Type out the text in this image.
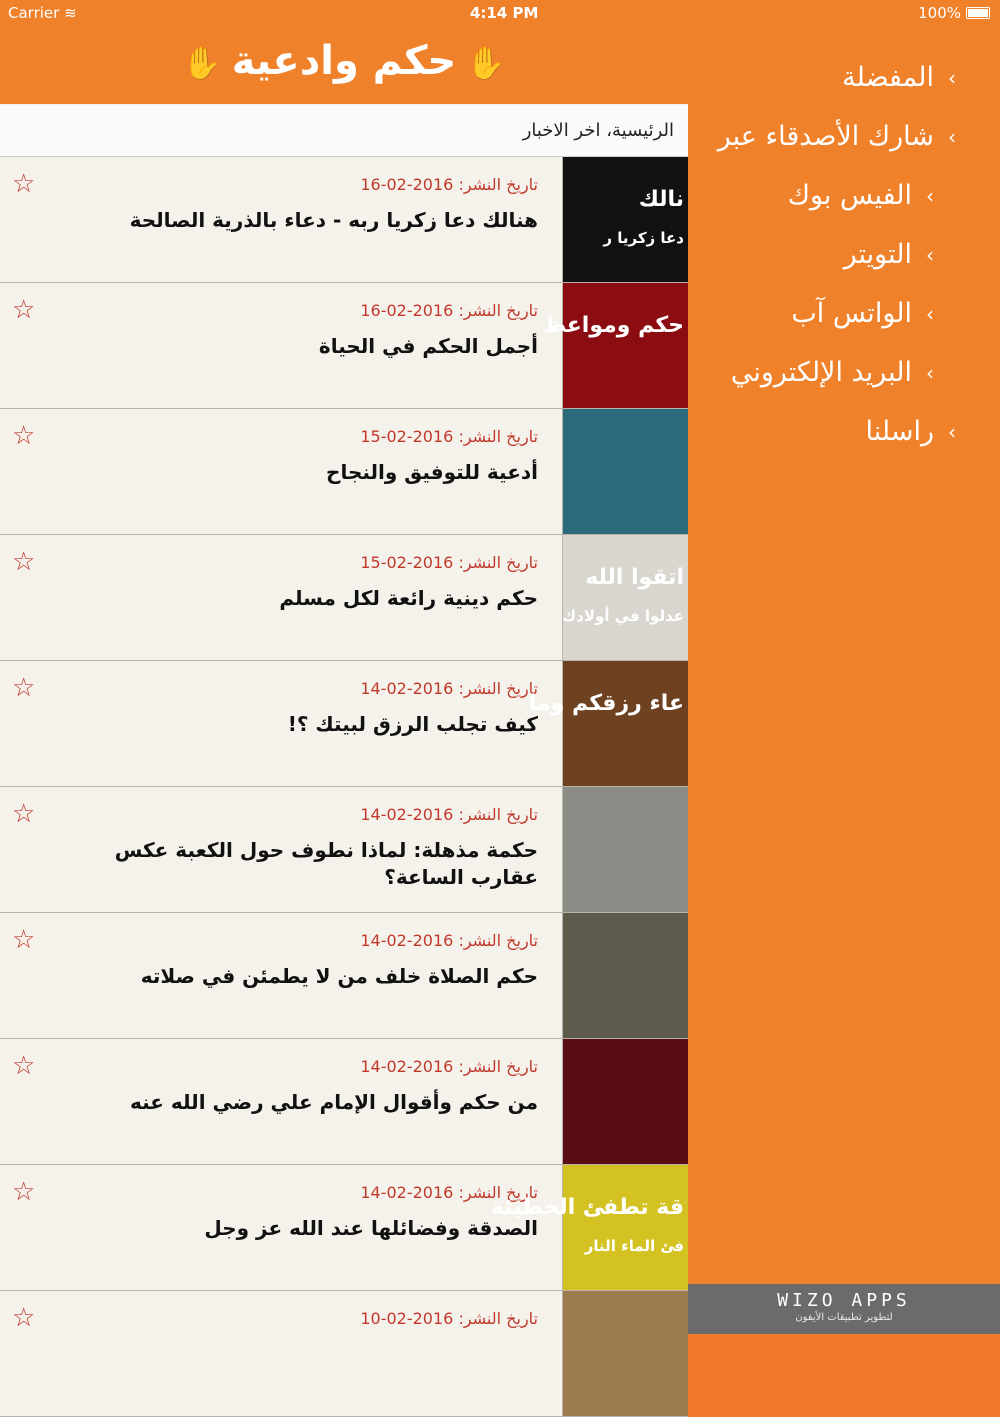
✋حكم وادعية✋
الرئيسية، اخر الاخبار
☆	تاريخ النشر: 2016-02-16
هنالك دعا زكريا ربه - دعاء بالذرية الصالحة
نالك
دعا زكريا ر
☆	تاريخ النشر: 2016-02-16
أجمل الحكم في الحياة
حكم ومواعظ
☆	تاريخ النشر: 2016-02-15
أدعية للتوفيق والنجاح
☆	تاريخ النشر: 2016-02-15
حكم دينية رائعة لكل مسلم
اتقوا الله
عدلوا في أولادك
☆	تاريخ النشر: 2016-02-14
كيف تجلب الرزق لبيتك ؟!
عاء رزقكم وما
☆	تاريخ النشر: 2016-02-14
حكمة مذهلة: لماذا نطوف حول الكعبة عكس عقارب الساعة؟
☆	تاريخ النشر: 2016-02-14
حكم الصلاة خلف من لا يطمئن في صلاته
☆	تاريخ النشر: 2016-02-14
من حكم وأقوال الإمام علي رضي الله عنه
☆	تاريخ النشر: 2016-02-14
الصدقة وفضائلها عند الله عز وجل
قة تطفئ الخطيئة
فئ الماء النار
☆	تاريخ النشر: 2016-02-10
Carrier ≋	4:14 PM	100%
المفضلة ‹
شارك الأصدقاء عبر ‹
الفيس بوك ‹
التويتر ‹
الواتس آب ‹
البريد الإلكتروني ‹
راسلنا ‹
WIZO APPS
لتطوير تطبيقات الأيفون
